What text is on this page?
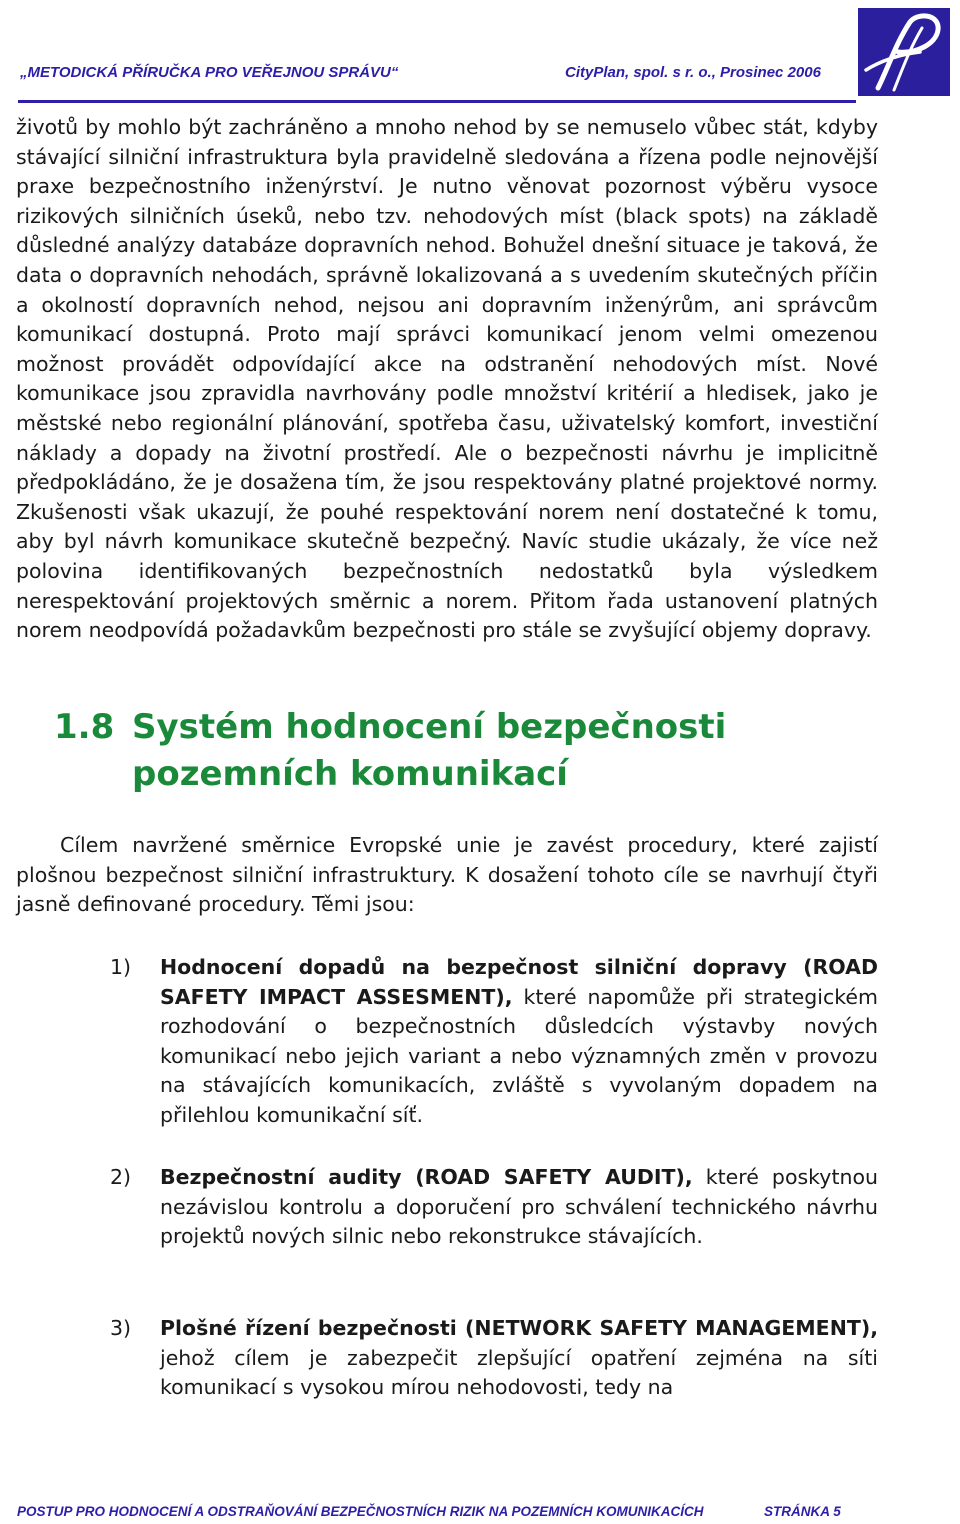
„METODICKÁ PŘÍRUČKA PRO VEŘEJNOU SPRÁVU“	CityPlan, spol. s r. o., Prosinec 2006

životů by mohlo být zachráněno a mnoho nehod by se nemuselo vůbec stát, kdyby stávající silniční infrastruktura byla pravidelně sledována a řízena podle nejnovější praxe bezpečnostního inženýrství. Je nutno věnovat pozornost výběru vysoce rizikových silničních úseků, nebo tzv. nehodových míst (black spots) na základě důsledné analýzy databáze dopravních nehod. Bohužel dnešní situace je taková, že data o dopravních nehodách, správně lokalizovaná a s uvedením skutečných příčin a okolností dopravních nehod, nejsou ani dopravním inženýrům, ani správcům komunikací dostupná. Proto mají správci komunikací jenom velmi omezenou možnost provádět odpovídající akce na odstranění nehodových míst. Nové komunikace jsou zpravidla navrhovány podle množství kritérií a hledisek, jako je městské nebo regionální plánování, spotřeba času, uživatelský komfort, investiční náklady a dopady na životní prostředí. Ale o bezpečnosti návrhu je implicitně předpokládáno, že je dosažena tím, že jsou respektovány platné projektové normy. Zkušenosti však ukazují, že pouhé respektování norem není dostatečné k tomu, aby byl návrh komunikace skutečně bezpečný. Navíc studie ukázaly, že více než polovina identifikovaných bezpečnostních nedostatků byla výsledkem nerespektování projektových směrnic a norem. Přitom řada ustanovení platných norem neodpovídá požadavkům bezpečnosti pro stále se zvyšující objemy dopravy.

1.8 Systém hodnocení bezpečnosti pozemních komunikací

Cílem navržené směrnice Evropské unie je zavést procedury, které zajistí plošnou bezpečnost silniční infrastruktury. K dosažení tohoto cíle se navrhují čtyři jasně definované procedury. Těmi jsou:

1) Hodnocení dopadů na bezpečnost silniční dopravy (ROAD SAFETY IMPACT ASSESMENT), které napomůže při strategickém rozhodování o bezpečnostních důsledcích výstavby nových komunikací nebo jejich variant a nebo významných změn v provozu na stávajících komunikacích, zvláště s vyvolaným dopadem na přilehlou komunikační síť.

2) Bezpečnostní audity (ROAD SAFETY AUDIT), které poskytnou nezávislou kontrolu a doporučení pro schválení technického návrhu projektů nových silnic nebo rekonstrukce stávajících.

3) Plošné řízení bezpečnosti (NETWORK SAFETY MANAGEMENT), jehož cílem je zabezpečit zlepšující opatření zejména na síti komunikací s vysokou mírou nehodovosti, tedy na

POSTUP PRO HODNOCENÍ A ODSTRAŇOVÁNÍ BEZPEČNOSTNÍCH RIZIK NA POZEMNÍCH KOMUNIKACÍCH	STRÁNKA 5
